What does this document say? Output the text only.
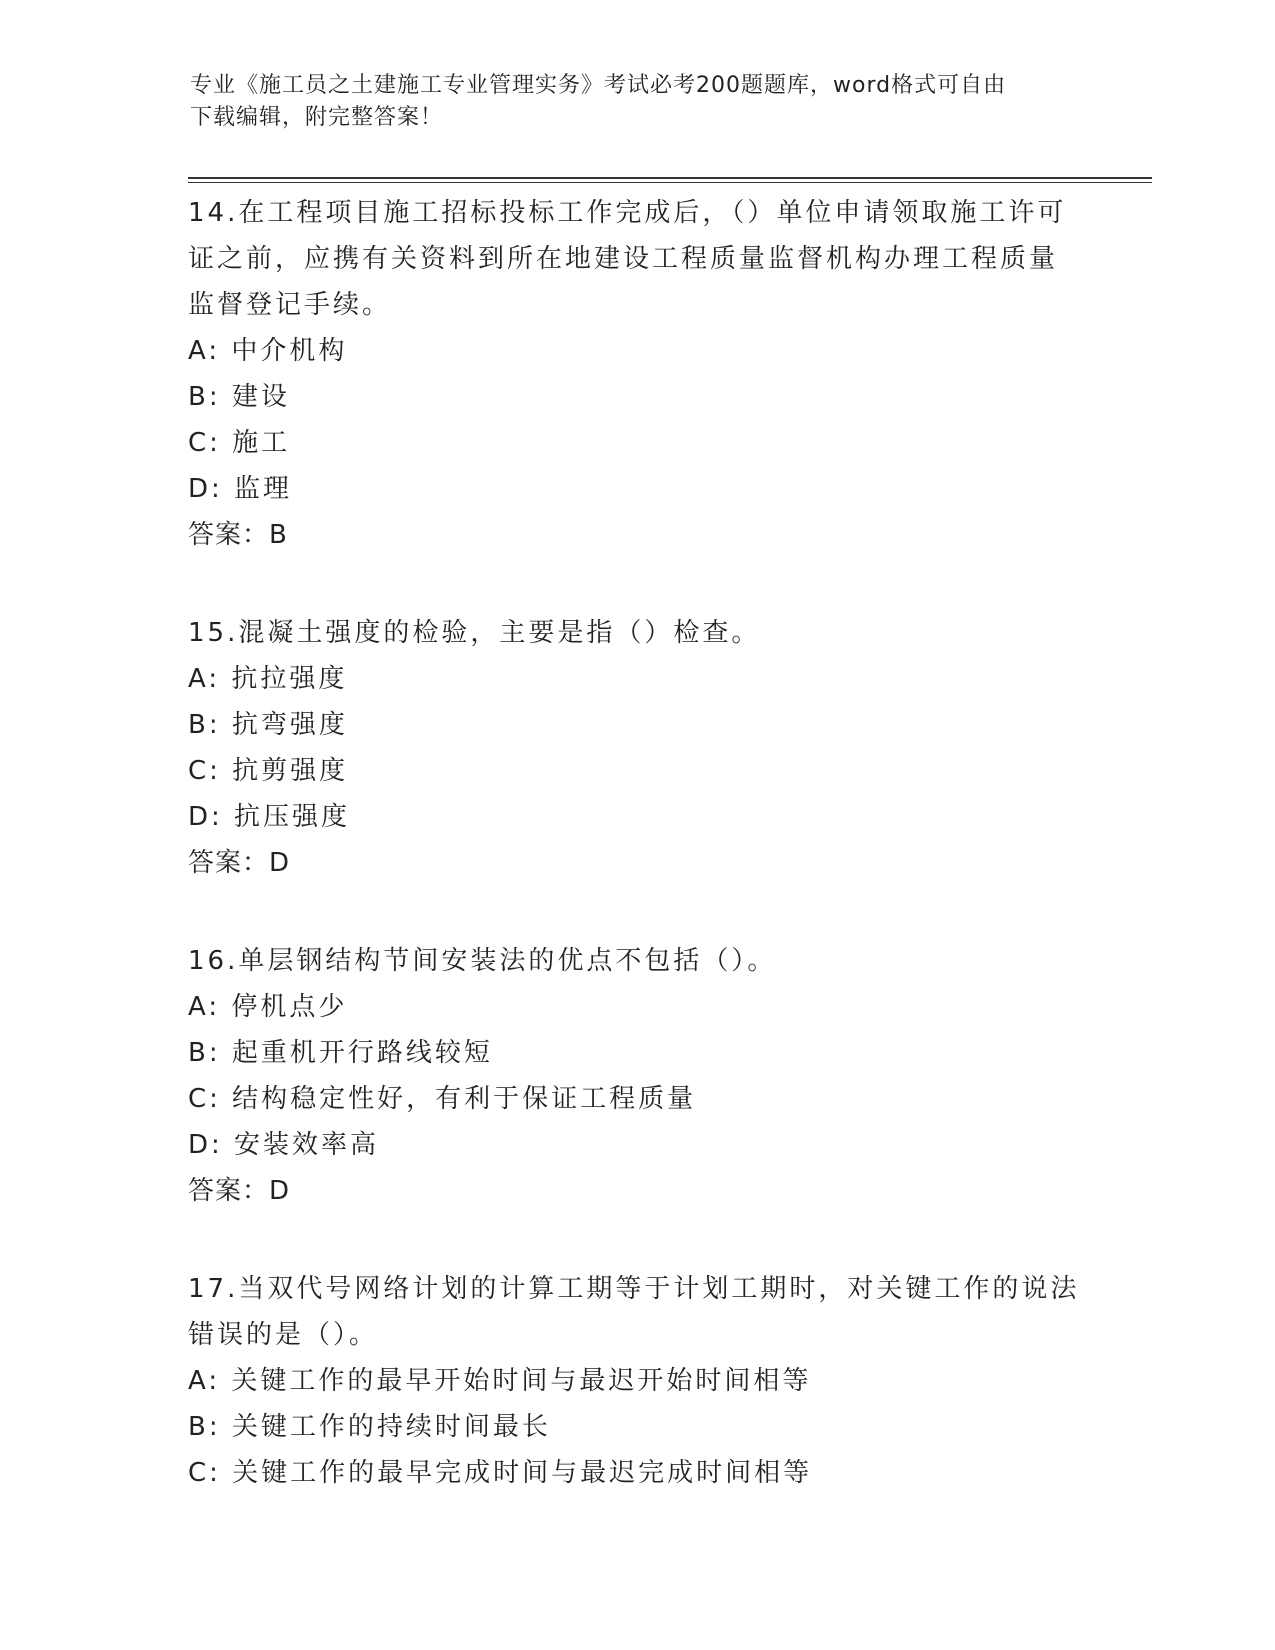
专业《施工员之土建施工专业管理实务》考试必考200题题库，word格式可自由
下载编辑，附完整答案！
14.在工程项目施工招标投标工作完成后，（）单位申请领取施工许可
证之前，应携有关资料到所在地建设工程质量监督机构办理工程质量
监督登记手续。
A: 中介机构
B: 建设
C: 施工
D: 监理
答案：B
15.混凝土强度的检验，主要是指（）检查。
A: 抗拉强度
B: 抗弯强度
C: 抗剪强度
D: 抗压强度
答案：D
16.单层钢结构节间安装法的优点不包括（）。
A: 停机点少
B: 起重机开行路线较短
C: 结构稳定性好，有利于保证工程质量
D: 安装效率高
答案：D
17.当双代号网络计划的计算工期等于计划工期时，对关键工作的说法
错误的是（）。
A: 关键工作的最早开始时间与最迟开始时间相等
B: 关键工作的持续时间最长
C: 关键工作的最早完成时间与最迟完成时间相等
